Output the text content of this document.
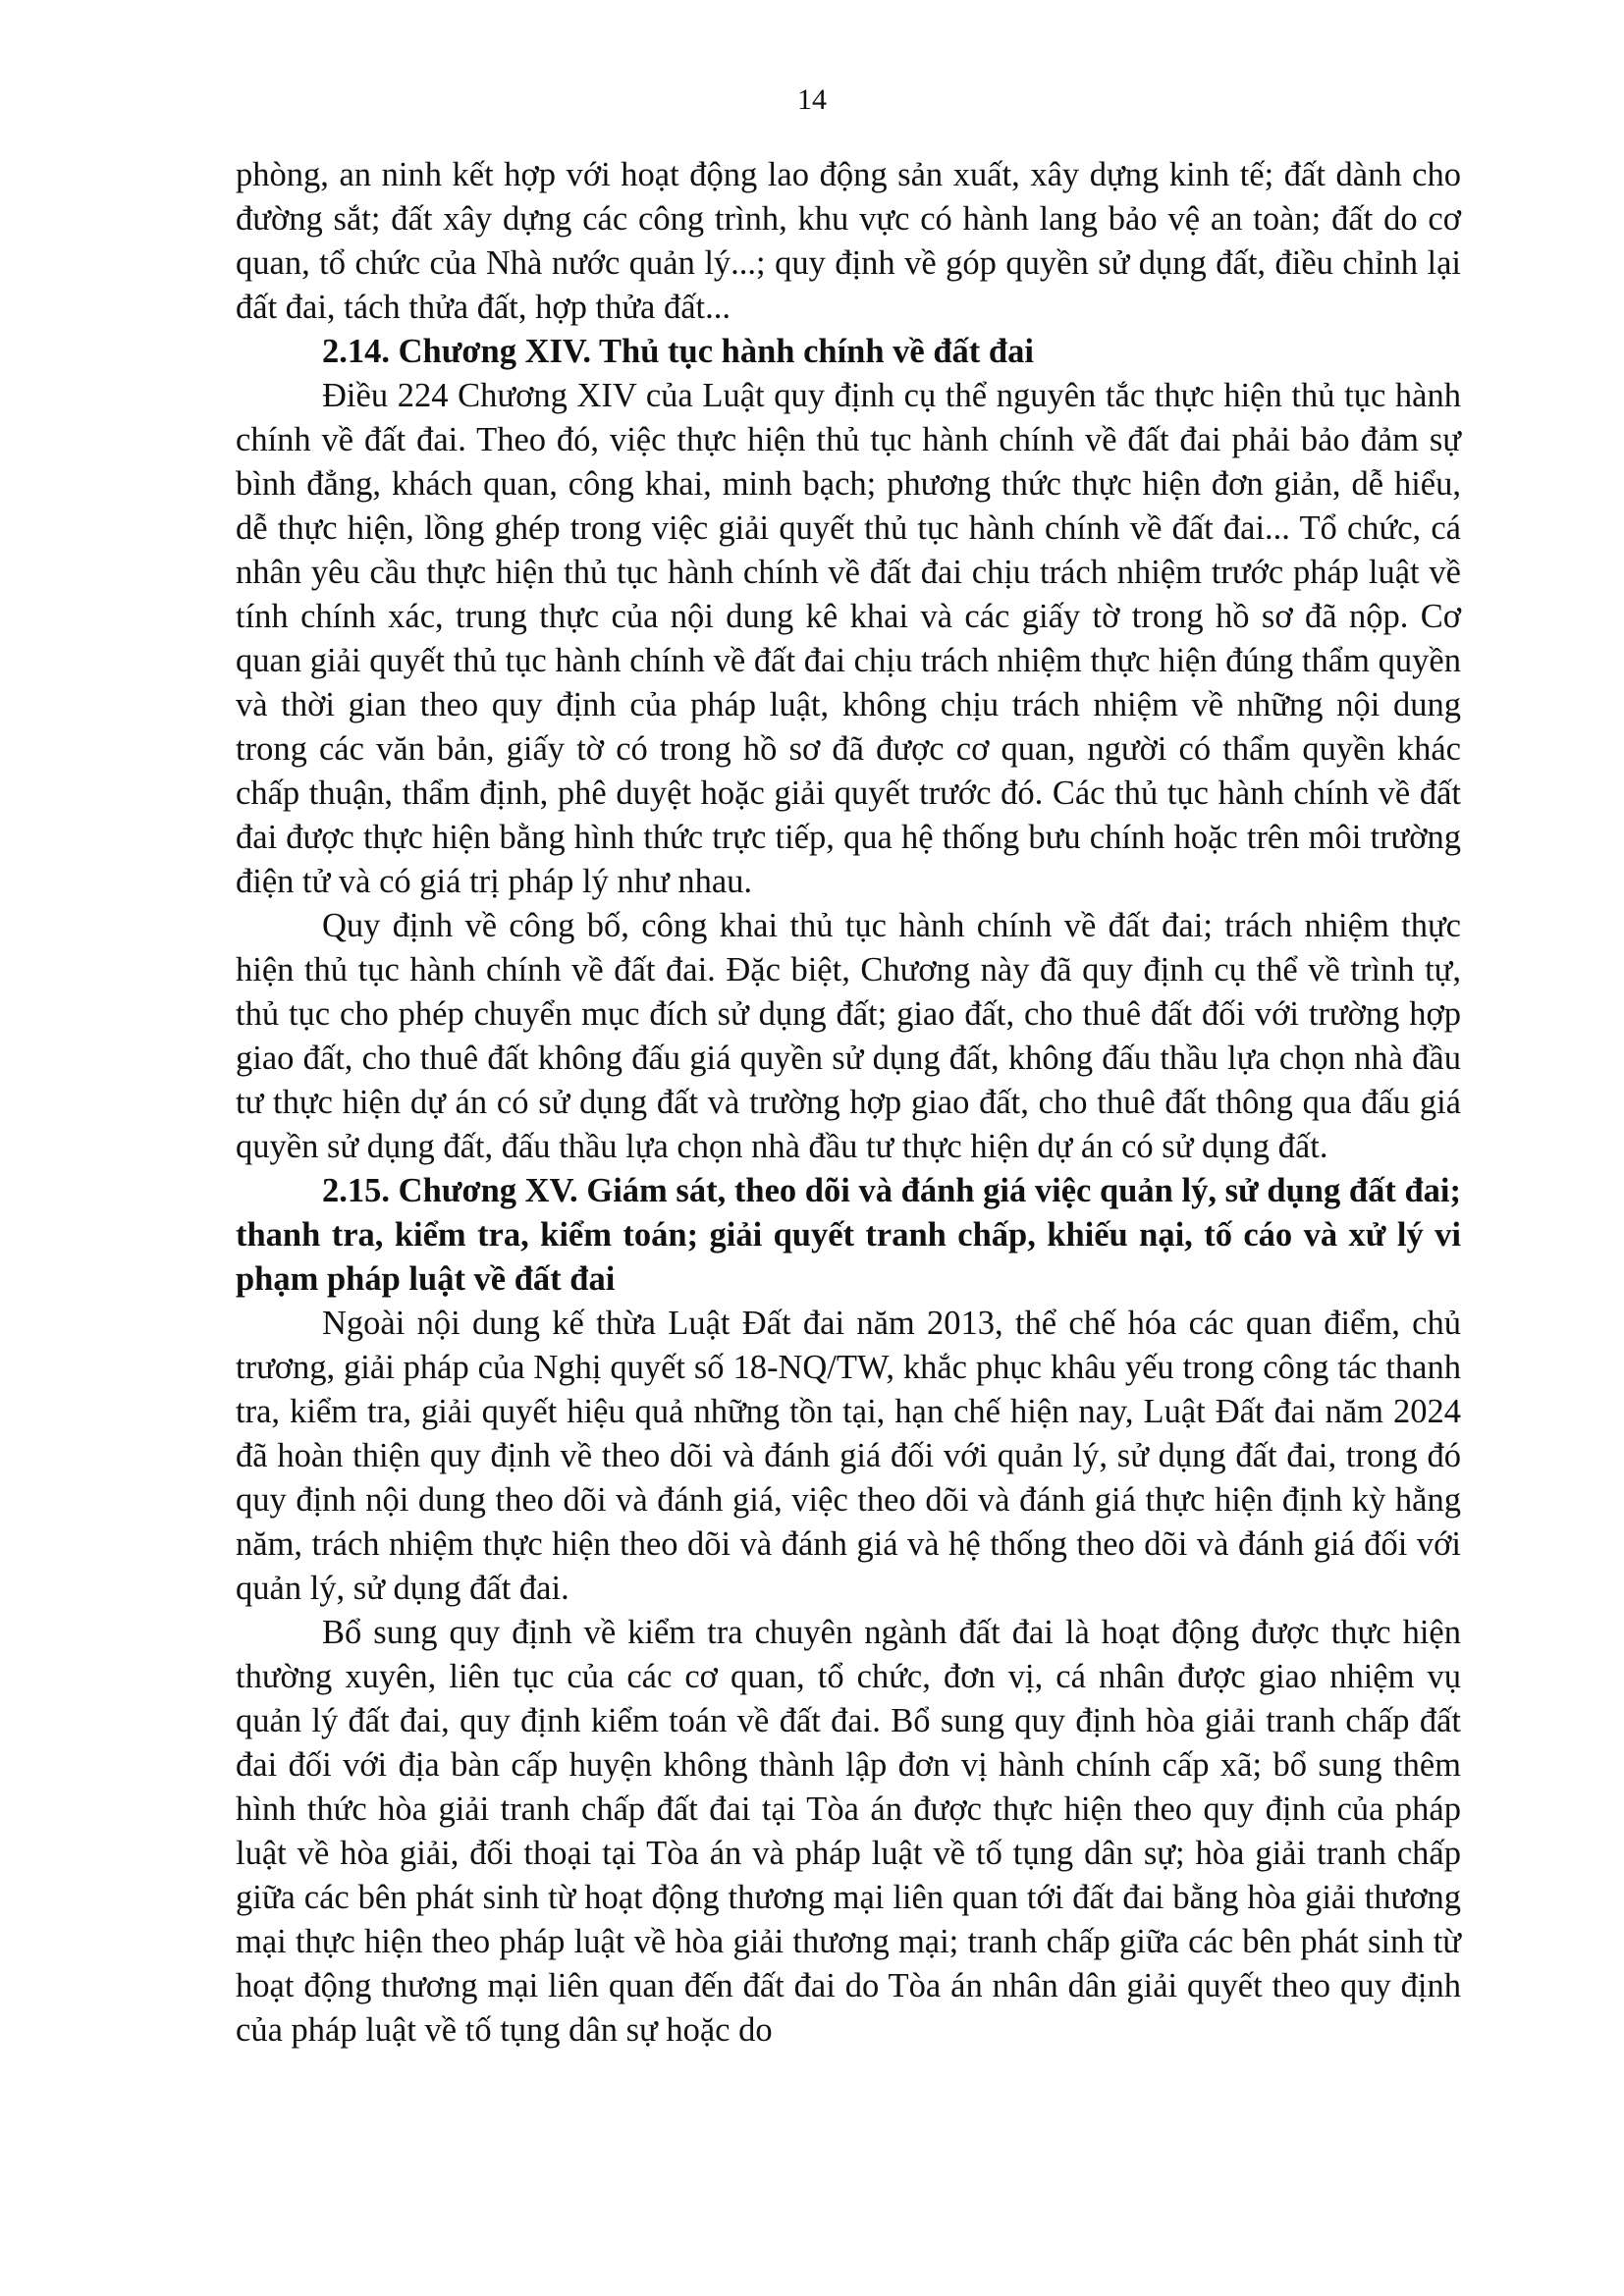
14

phòng, an ninh kết hợp với hoạt động lao động sản xuất, xây dựng kinh tế; đất dành cho đường sắt; đất xây dựng các công trình, khu vực có hành lang bảo vệ an toàn; đất do cơ quan, tổ chức của Nhà nước quản lý...; quy định về góp quyền sử dụng đất, điều chỉnh lại đất đai, tách thửa đất, hợp thửa đất...

2.14. Chương XIV. Thủ tục hành chính về đất đai

Điều 224 Chương XIV của Luật quy định cụ thể nguyên tắc thực hiện thủ tục hành chính về đất đai. Theo đó, việc thực hiện thủ tục hành chính về đất đai phải bảo đảm sự bình đẳng, khách quan, công khai, minh bạch; phương thức thực hiện đơn giản, dễ hiểu, dễ thực hiện, lồng ghép trong việc giải quyết thủ tục hành chính về đất đai... Tổ chức, cá nhân yêu cầu thực hiện thủ tục hành chính về đất đai chịu trách nhiệm trước pháp luật về tính chính xác, trung thực của nội dung kê khai và các giấy tờ trong hồ sơ đã nộp. Cơ quan giải quyết thủ tục hành chính về đất đai chịu trách nhiệm thực hiện đúng thẩm quyền và thời gian theo quy định của pháp luật, không chịu trách nhiệm về những nội dung trong các văn bản, giấy tờ có trong hồ sơ đã được cơ quan, người có thẩm quyền khác chấp thuận, thẩm định, phê duyệt hoặc giải quyết trước đó. Các thủ tục hành chính về đất đai được thực hiện bằng hình thức trực tiếp, qua hệ thống bưu chính hoặc trên môi trường điện tử và có giá trị pháp lý như nhau.

Quy định về công bố, công khai thủ tục hành chính về đất đai; trách nhiệm thực hiện thủ tục hành chính về đất đai. Đặc biệt, Chương này đã quy định cụ thể về trình tự, thủ tục cho phép chuyển mục đích sử dụng đất; giao đất, cho thuê đất đối với trường hợp giao đất, cho thuê đất không đấu giá quyền sử dụng đất, không đấu thầu lựa chọn nhà đầu tư thực hiện dự án có sử dụng đất và trường hợp giao đất, cho thuê đất thông qua đấu giá quyền sử dụng đất, đấu thầu lựa chọn nhà đầu tư thực hiện dự án có sử dụng đất.

2.15. Chương XV. Giám sát, theo dõi và đánh giá việc quản lý, sử dụng đất đai; thanh tra, kiểm tra, kiểm toán; giải quyết tranh chấp, khiếu nại, tố cáo và xử lý vi phạm pháp luật về đất đai

Ngoài nội dung kế thừa Luật Đất đai năm 2013, thể chế hóa các quan điểm, chủ trương, giải pháp của Nghị quyết số 18-NQ/TW, khắc phục khâu yếu trong công tác thanh tra, kiểm tra, giải quyết hiệu quả những tồn tại, hạn chế hiện nay, Luật Đất đai năm 2024 đã hoàn thiện quy định về theo dõi và đánh giá đối với quản lý, sử dụng đất đai, trong đó quy định nội dung theo dõi và đánh giá, việc theo dõi và đánh giá thực hiện định kỳ hằng năm, trách nhiệm thực hiện theo dõi và đánh giá và hệ thống theo dõi và đánh giá đối với quản lý, sử dụng đất đai.

Bổ sung quy định về kiểm tra chuyên ngành đất đai là hoạt động được thực hiện thường xuyên, liên tục của các cơ quan, tổ chức, đơn vị, cá nhân được giao nhiệm vụ quản lý đất đai, quy định kiểm toán về đất đai. Bổ sung quy định hòa giải tranh chấp đất đai đối với địa bàn cấp huyện không thành lập đơn vị hành chính cấp xã; bổ sung thêm hình thức hòa giải tranh chấp đất đai tại Tòa án được thực hiện theo quy định của pháp luật về hòa giải, đối thoại tại Tòa án và pháp luật về tố tụng dân sự; hòa giải tranh chấp giữa các bên phát sinh từ hoạt động thương mại liên quan tới đất đai bằng hòa giải thương mại thực hiện theo pháp luật về hòa giải thương mại; tranh chấp giữa các bên phát sinh từ hoạt động thương mại liên quan đến đất đai do Tòa án nhân dân giải quyết theo quy định của pháp luật về tố tụng dân sự hoặc do
